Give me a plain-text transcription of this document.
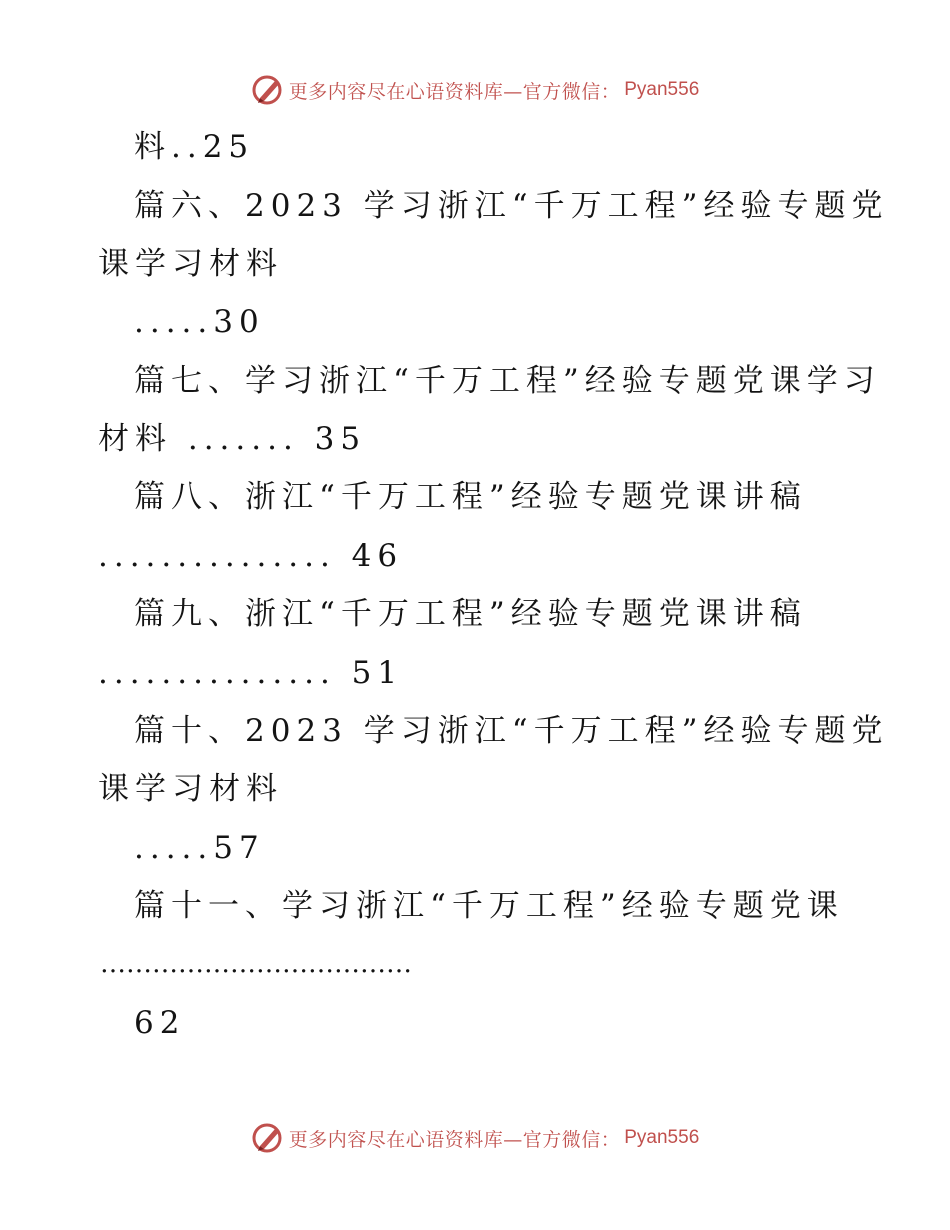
更多内容尽在心语资料库—官方微信： Pyan556
料..25
篇六、2023 学习浙江“千万工程”经验专题党
课学习材料
.....30
篇七、学习浙江“千万工程”经验专题党课学习
材料 ....... 35
篇八、浙江“千万工程”经验专题党课讲稿
............... 46
篇九、浙江“千万工程”经验专题党课讲稿
............... 51
篇十、2023 学习浙江“千万工程”经验专题党
课学习材料
.....57
篇十一、学习浙江“千万工程”经验专题党课
………………………………
62
更多内容尽在心语资料库—官方微信： Pyan556
